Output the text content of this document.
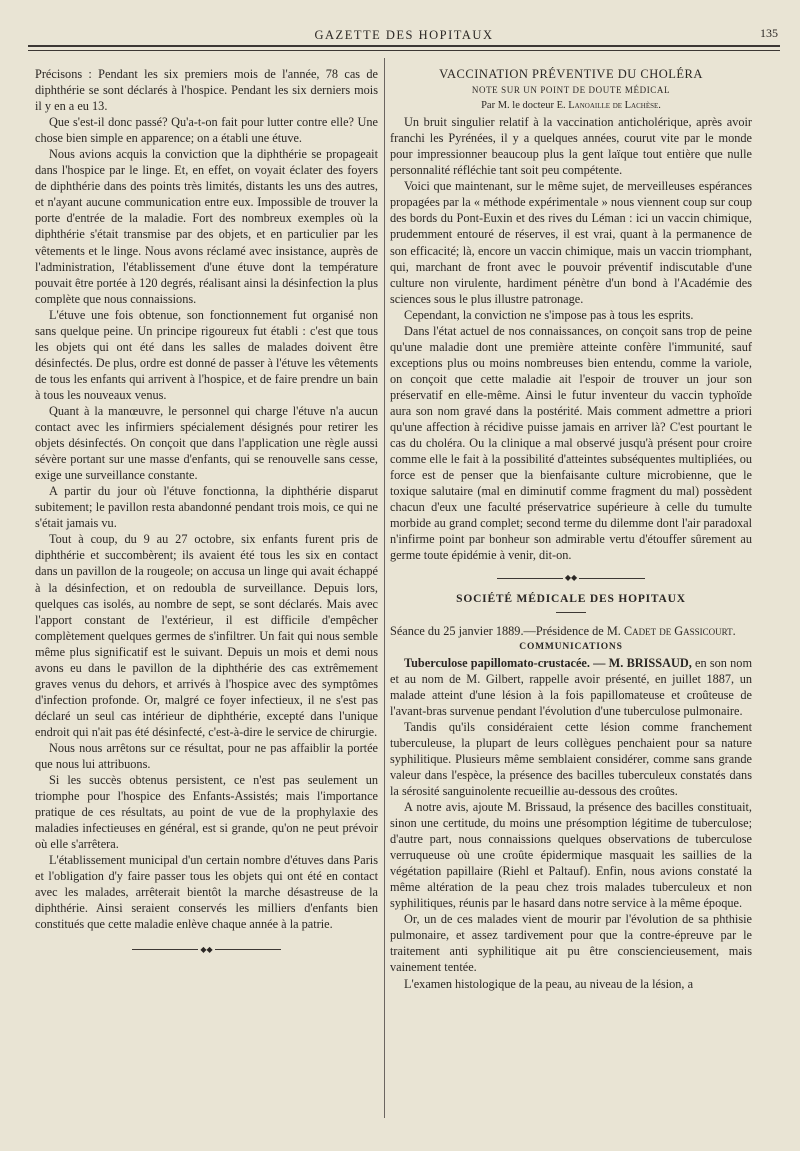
GAZETTE DES HOPITAUX	135

Précisons : Pendant les six premiers mois de l'année, 78 cas de diphthérie se sont déclarés à l'hospice. Pendant les six derniers mois il y en a eu 13.

Que s'est-il donc passé? Qu'a-t-on fait pour lutter contre elle? Une chose bien simple en apparence; on a établi une étuve.

Nous avions acquis la conviction que la diphthérie se propageait dans l'hospice par le linge. Et, en effet, on voyait éclater des foyers de diphthérie dans des points très limités, distants les uns des autres, et n'ayant aucune communication entre eux. Impossible de trouver la porte d'entrée de la maladie. Fort des nombreux exemples où la diphthérie s'était transmise par des objets, et en particulier par les vêtements et le linge. Nous avons réclamé avec insistance, auprès de l'administration, l'établissement d'une étuve dont la température pouvait être portée à 120 degrés, réalisant ainsi la désinfection la plus complète que nous connaissions.

L'étuve une fois obtenue, son fonctionnement fut organisé non sans quelque peine. Un principe rigoureux fut établi : c'est que tous les objets qui ont été dans les salles de malades doivent être désinfectés. De plus, ordre est donné de passer à l'étuve les vêtements de tous les enfants qui arrivent à l'hospice, et de faire prendre un bain à tous les nouveaux venus.

Quant à la manœuvre, le personnel qui charge l'étuve n'a aucun contact avec les infirmiers spécialement désignés pour retirer les objets désinfectés. On conçoit que dans l'application une règle aussi sévère portant sur une masse d'enfants, qui se renouvelle sans cesse, exige une surveillance constante.

A partir du jour où l'étuve fonctionna, la diphthérie disparut subitement; le pavillon resta abandonné pendant trois mois, ce qui ne s'était jamais vu.

Tout à coup, du 9 au 27 octobre, six enfants furent pris de diphthérie et succombèrent; ils avaient été tous les six en contact dans un pavillon de la rougeole; on accusa un linge qui avait échappé à la désinfection, et on redoubla de surveillance. Depuis lors, quelques cas isolés, au nombre de sept, se sont déclarés. Mais avec l'apport constant de l'extérieur, il est difficile d'empêcher complètement quelques germes de s'infiltrer. Un fait qui nous semble même plus significatif est le suivant. Depuis un mois et demi nous avons eu dans le pavillon de la diphthérie des cas extrêmement graves venus du dehors, et arrivés à l'hospice avec des symptômes d'infection profonde. Or, malgré ce foyer infectieux, il ne s'est pas déclaré un seul cas intérieur de diphthérie, excepté dans l'unique endroit qui n'ait pas été désinfecté, c'est-à-dire le service de chirurgie.

Nous nous arrêtons sur ce résultat, pour ne pas affaiblir la portée que nous lui attribuons.

Si les succès obtenus persistent, ce n'est pas seulement un triomphe pour l'hospice des Enfants-Assistés; mais l'importance pratique de ces résultats, au point de vue de la prophylaxie des maladies infectieuses en général, est si grande, qu'on ne peut prévoir où elle s'arrêtera.

L'établissement municipal d'un certain nombre d'étuves dans Paris et l'obligation d'y faire passer tous les objets qui ont été en contact avec les malades, arrêterait bientôt la marche désastreuse de la diphthérie. Ainsi seraient conservés les milliers d'enfants bien constitués que cette maladie enlève chaque année à la patrie.

◆◆

VACCINATION PRÉVENTIVE DU CHOLÉRA

NOTE SUR UN POINT DE DOUTE MÉDICAL

Par M. le docteur E. Lanoaille de Lachèse.

Un bruit singulier relatif à la vaccination anticholérique, après avoir franchi les Pyrénées, il y a quelques années, courut vite par le monde pour impressionner beaucoup plus la gent laïque tout entière que nulle personnalité réfléchie tant soit peu compétente.

Voici que maintenant, sur le même sujet, de merveilleuses espérances propagées par la « méthode expérimentale » nous viennent coup sur coup des bords du Pont-Euxin et des rives du Léman : ici un vaccin chimique, prudemment entouré de réserves, il est vrai, quant à la permanence de son efficacité; là, encore un vaccin chimique, mais un vaccin triomphant, qui, marchant de front avec le pouvoir préventif indiscutable d'une culture non virulente, hardiment pénètre d'un bond à l'Académie des sciences sous le plus illustre patronage.

Cependant, la conviction ne s'impose pas à tous les esprits.

Dans l'état actuel de nos connaissances, on conçoit sans trop de peine qu'une maladie dont une première atteinte confère l'immunité, sauf exceptions plus ou moins nombreuses bien entendu, comme la variole, on conçoit que cette maladie ait l'espoir de trouver un jour son préservatif en elle-même. Ainsi le futur inventeur du vaccin typhoïde aura son nom gravé dans la postérité. Mais comment admettre a priori qu'une affection à récidive puisse jamais en arriver là? C'est pourtant le cas du choléra. Ou la clinique a mal observé jusqu'à présent pour croire comme elle le fait à la possibilité d'atteintes subséquentes multipliées, ou force est de penser que la bienfaisante culture microbienne, que le toxique salutaire (mal en diminutif comme fragment du mal) possèdent chacun d'eux une faculté préservatrice supérieure à celle du tumulte morbide au grand complet; second terme du dilemme dont l'air paradoxal n'infirme point par bonheur son admirable vertu d'étouffer sûrement au germe toute épidémie à venir, dit-on.

◆◆

SOCIÉTÉ MÉDICALE DES HOPITAUX

Séance du 25 janvier 1889.—Présidence de M. Cadet de Gassicourt.

COMMUNICATIONS

Tuberculose papillomato-crustacée. — M. BRISSAUD, en son nom et au nom de M. Gilbert, rappelle avoir présenté, en juillet 1887, un malade atteint d'une lésion à la fois papillomateuse et croûteuse de l'avant-bras survenue pendant l'évolution d'une tuberculose pulmonaire.

Tandis qu'ils considéraient cette lésion comme franchement tuberculeuse, la plupart de leurs collègues penchaient pour sa nature syphilitique. Plusieurs même semblaient considérer, comme sans grande valeur dans l'espèce, la présence des bacilles tuberculeux constatés dans la sérosité sanguinolente recueillie au-dessous des croûtes.

A notre avis, ajoute M. Brissaud, la présence des bacilles constituait, sinon une certitude, du moins une présomption légitime de tuberculose; d'autre part, nous connaissions quelques observations de tuberculose verruqueuse où une croûte épidermique masquait les saillies de la végétation papillaire (Riehl et Paltauf). Enfin, nous avions constaté la même altération de la peau chez trois malades tuberculeux et non syphilitiques, réunis par le hasard dans notre service à la même époque.

Or, un de ces malades vient de mourir par l'évolution de sa phthisie pulmonaire, et assez tardivement pour que la contre-épreuve par le traitement anti syphilitique ait pu être consciencieusement, mais vainement tentée.

L'examen histologique de la peau, au niveau de la lésion, a
